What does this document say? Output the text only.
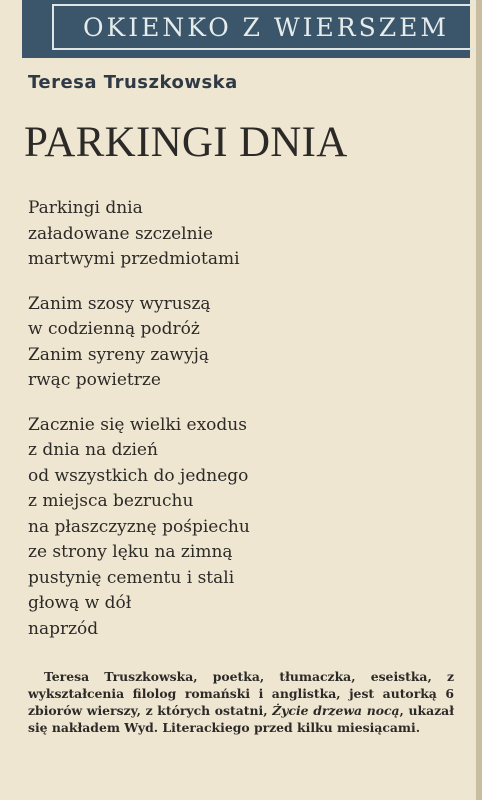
OKIENKO Z WIERSZEM
Teresa Truszkowska
PARKINGI DNIA
Parkingi dnia
załadowane szczelnie
martwymi przedmiotami
Zanim szosy wyruszą
w codzienną podróż
Zanim syreny zawyją
rwąc powietrze
Zacznie się wielki exodus
z dnia na dzień
od wszystkich do jednego
z miejsca bezruchu
na płaszczyznę pośpiechu
ze strony lęku na zimną
pustynię cementu i stali
głową w dół
naprzód
Teresa Truszkowska, poetka, tłumaczka, eseistka, z wykształcenia filolog romański i anglistka, jest autorką 6 zbiorów wierszy, z których ostatni, Życie drzewa nocą, ukazał się nakładem Wyd. Literackiego przed kilku miesiącami.
